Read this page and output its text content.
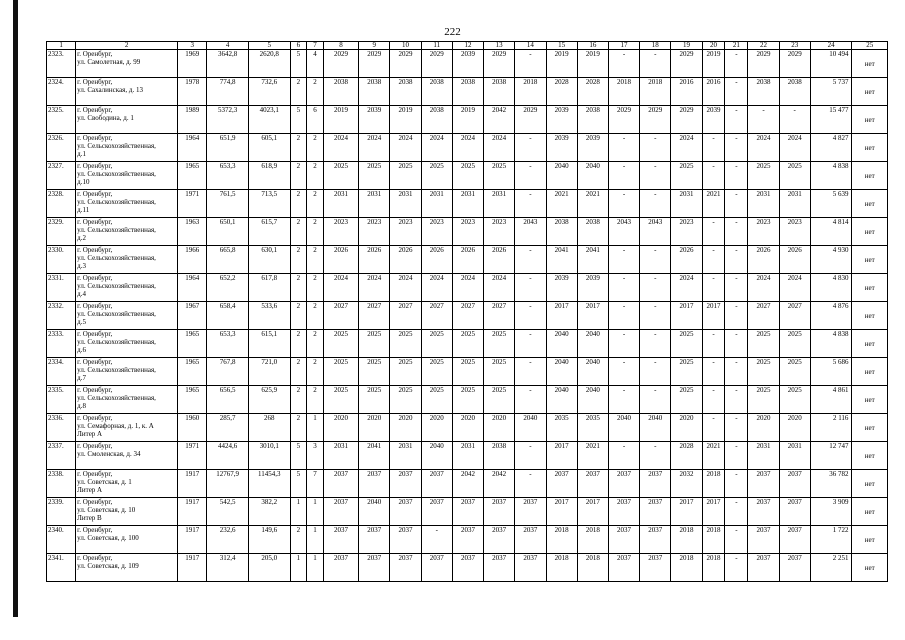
222
1	2	3	4	5	6	7	8	9	10	11	12	13	14	15	16	17	18	19	20	21	22	23	24	25
2323.	г. Оренбург,
ул. Самолетная, д. 99	1969	3642,8	2620,8	5	4	2029	2029	2029	2029	2039	2029	-	2019	2019	-	-	2029	2019	-	2029	2029	10 494	нет
2324.	г. Оренбург,
ул. Сахалинская, д. 13	1978	774,8	732,6	2	2	2038	2038	2038	2038	2038	2038	2018	2028	2028	2018	2018	2016	2016	-	2038	2038	5 737	нет
2325.	г. Оренбург,
ул. Свободина, д. 1	1989	5372,3	4023,1	5	6	2019	2039	2019	2038	2019	2042	2029	2039	2038	2029	2029	2029	2039	-	-	-	15 477	нет
2326.	г. Оренбург,
ул. Сельскохозяйственная,
д.1	1964	651,9	605,1	2	2	2024	2024	2024	2024	2024	2024	-	2039	2039	-	-	2024	-	-	2024	2024	4 827	нет
2327.	г. Оренбург,
ул. Сельскохозяйственная,
д.10	1965	653,3	618,9	2	2	2025	2025	2025	2025	2025	2025	-	2040	2040	-	-	2025	-	-	2025	2025	4 838	нет
2328.	г. Оренбург,
ул. Сельскохозяйственная,
д.11	1971	761,5	713,5	2	2	2031	2031	2031	2031	2031	2031	-	2021	2021	-	-	2031	2021	-	2031	2031	5 639	нет
2329.	г. Оренбург,
ул. Сельскохозяйственная,
д.2	1963	650,1	615,7	2	2	2023	2023	2023	2023	2023	2023	2043	2038	2038	2043	2043	2023	-	-	2023	2023	4 814	нет
2330.	г. Оренбург,
ул. Сельскохозяйственная,
д.3	1966	665,8	630,1	2	2	2026	2026	2026	2026	2026	2026	-	2041	2041	-	-	2026	-	-	2026	2026	4 930	нет
2331.	г. Оренбург,
ул. Сельскохозяйственная,
д.4	1964	652,2	617,8	2	2	2024	2024	2024	2024	2024	2024	-	2039	2039	-	-	2024	-	-	2024	2024	4 830	нет
2332.	г. Оренбург,
ул. Сельскохозяйственная,
д.5	1967	658,4	533,6	2	2	2027	2027	2027	2027	2027	2027	-	2017	2017	-	-	2017	2017	-	2027	2027	4 876	нет
2333.	г. Оренбург,
ул. Сельскохозяйственная,
д.6	1965	653,3	615,1	2	2	2025	2025	2025	2025	2025	2025	-	2040	2040	-	-	2025	-	-	2025	2025	4 838	нет
2334.	г. Оренбург,
ул. Сельскохозяйственная,
д.7	1965	767,8	721,0	2	2	2025	2025	2025	2025	2025	2025	-	2040	2040	-	-	2025	-	-	2025	2025	5 686	нет
2335.	г. Оренбург,
ул. Сельскохозяйственная,
д.8	1965	656,5	625,9	2	2	2025	2025	2025	2025	2025	2025	-	2040	2040	-	-	2025	-	-	2025	2025	4 861	нет
2336.	г. Оренбург,
ул. Семафорная, д. 1, к. А
Литер А	1960	285,7	268	2	1	2020	2020	2020	2020	2020	2020	2040	2035	2035	2040	2040	2020	-	-	2020	2020	2 116	нет
2337.	г. Оренбург,
ул. Смоленская, д. 34	1971	4424,6	3010,1	5	3	2031	2041	2031	2040	2031	2038	-	2017	2021	-	-	2028	2021	-	2031	2031	12 747	нет
2338.	г. Оренбург,
ул. Советская, д. 1
Литер А	1917	12767,9	11454,3	5	7	2037	2037	2037	2037	2042	2042	-	2037	2037	2037	2037	2032	2018	-	2037	2037	36 782	нет
2339.	г. Оренбург,
ул. Советская, д. 10
Литер В	1917	542,5	382,2	1	1	2037	2040	2037	2037	2037	2037	2037	2017	2017	2037	2037	2017	2017	-	2037	2037	3 909	нет
2340.	г. Оренбург,
ул. Советская, д. 100	1917	232,6	149,6	2	1	2037	2037	2037	-	2037	2037	2037	2018	2018	2037	2037	2018	2018	-	2037	2037	1 722	нет
2341.	г. Оренбург,
ул. Советская, д. 109	1917	312,4	205,0	1	1	2037	2037	2037	2037	2037	2037	2037	2018	2018	2037	2037	2018	2018	-	2037	2037	2 251	нет
